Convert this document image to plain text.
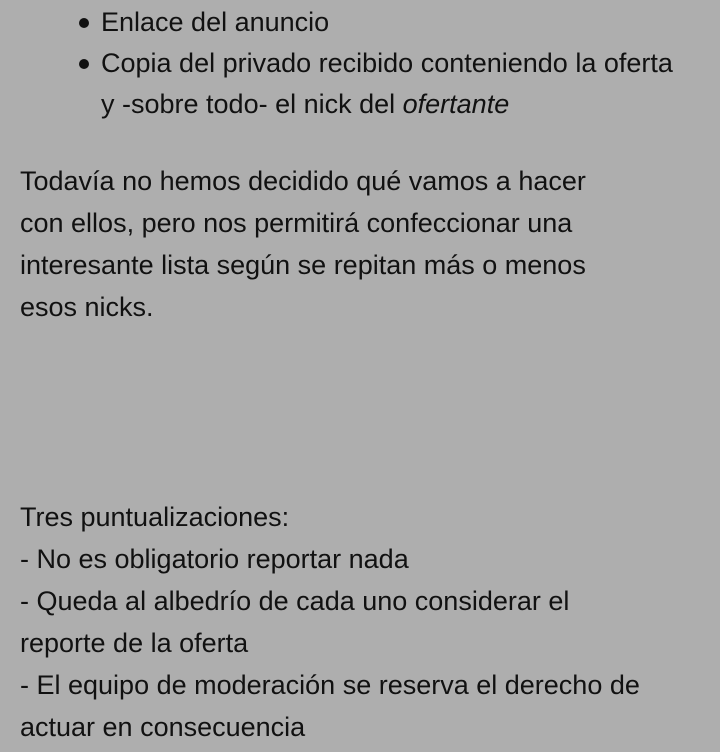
Enlace del anuncio
Copia del privado recibido conteniendo la oferta y -sobre todo- el nick del ofertante

Todavía no hemos decidido qué vamos a hacer
con ellos, pero nos permitirá confeccionar una
interesante lista según se repitan más o menos
esos nicks.

Tres puntualizaciones:
- No es obligatorio reportar nada
- Queda al albedrío de cada uno considerar el
reporte de la oferta
- El equipo de moderación se reserva el derecho de
actuar en consecuencia
